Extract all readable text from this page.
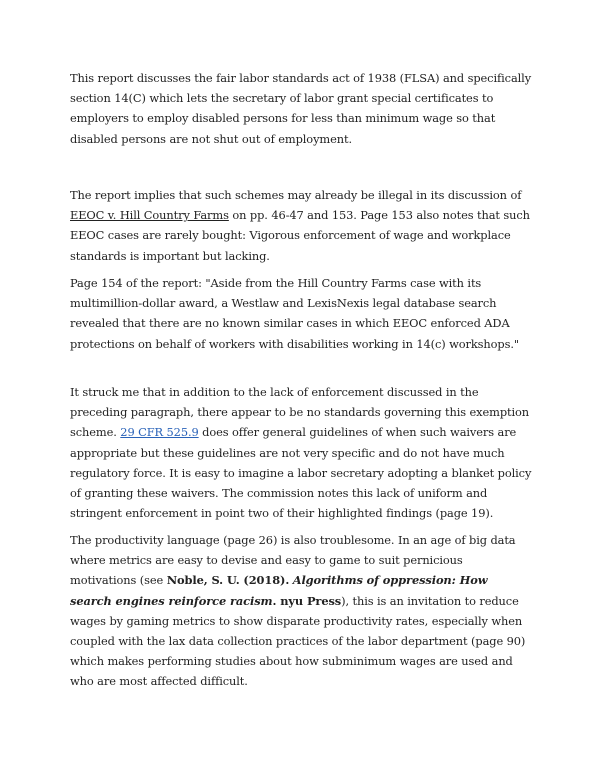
This report discusses the fair labor standards act of 1938 (FLSA) and specifically section 14(C) which lets the secretary of labor grant special certificates to employers to employ disabled persons for less than minimum wage so that disabled persons are not shut out of employment.

The report implies that such schemes may already be illegal in its discussion of EEOC v. Hill Country Farms on pp. 46-47 and 153. Page 153 also notes that such EEOC cases are rarely bought: Vigorous enforcement of wage and workplace standards is important but lacking.

Page 154 of the report: "Aside from the Hill Country Farms case with its multimillion-dollar award, a Westlaw and LexisNexis legal database search revealed that there are no known similar cases in which EEOC enforced ADA protections on behalf of workers with disabilities working in 14(c) workshops."

It struck me that in addition to the lack of enforcement discussed in the preceding paragraph, there appear to be no standards governing this exemption scheme. 29 CFR 525.9 does offer general guidelines of when such waivers are appropriate but these guidelines are not very specific and do not have much regulatory force. It is easy to imagine a labor secretary adopting a blanket policy of granting these waivers. The commission notes this lack of uniform and stringent enforcement in point two of their highlighted findings (page 19).

The productivity language (page 26) is also troublesome. In an age of big data where metrics are easy to devise and easy to game to suit pernicious motivations (see Noble, S. U. (2018). Algorithms of oppression: How search engines reinforce racism. nyu Press), this is an invitation to reduce wages by gaming metrics to show disparate productivity rates, especially when coupled with the lax data collection practices of the labor department (page 90) which makes performing studies about how subminimum wages are used and who are most affected difficult.
